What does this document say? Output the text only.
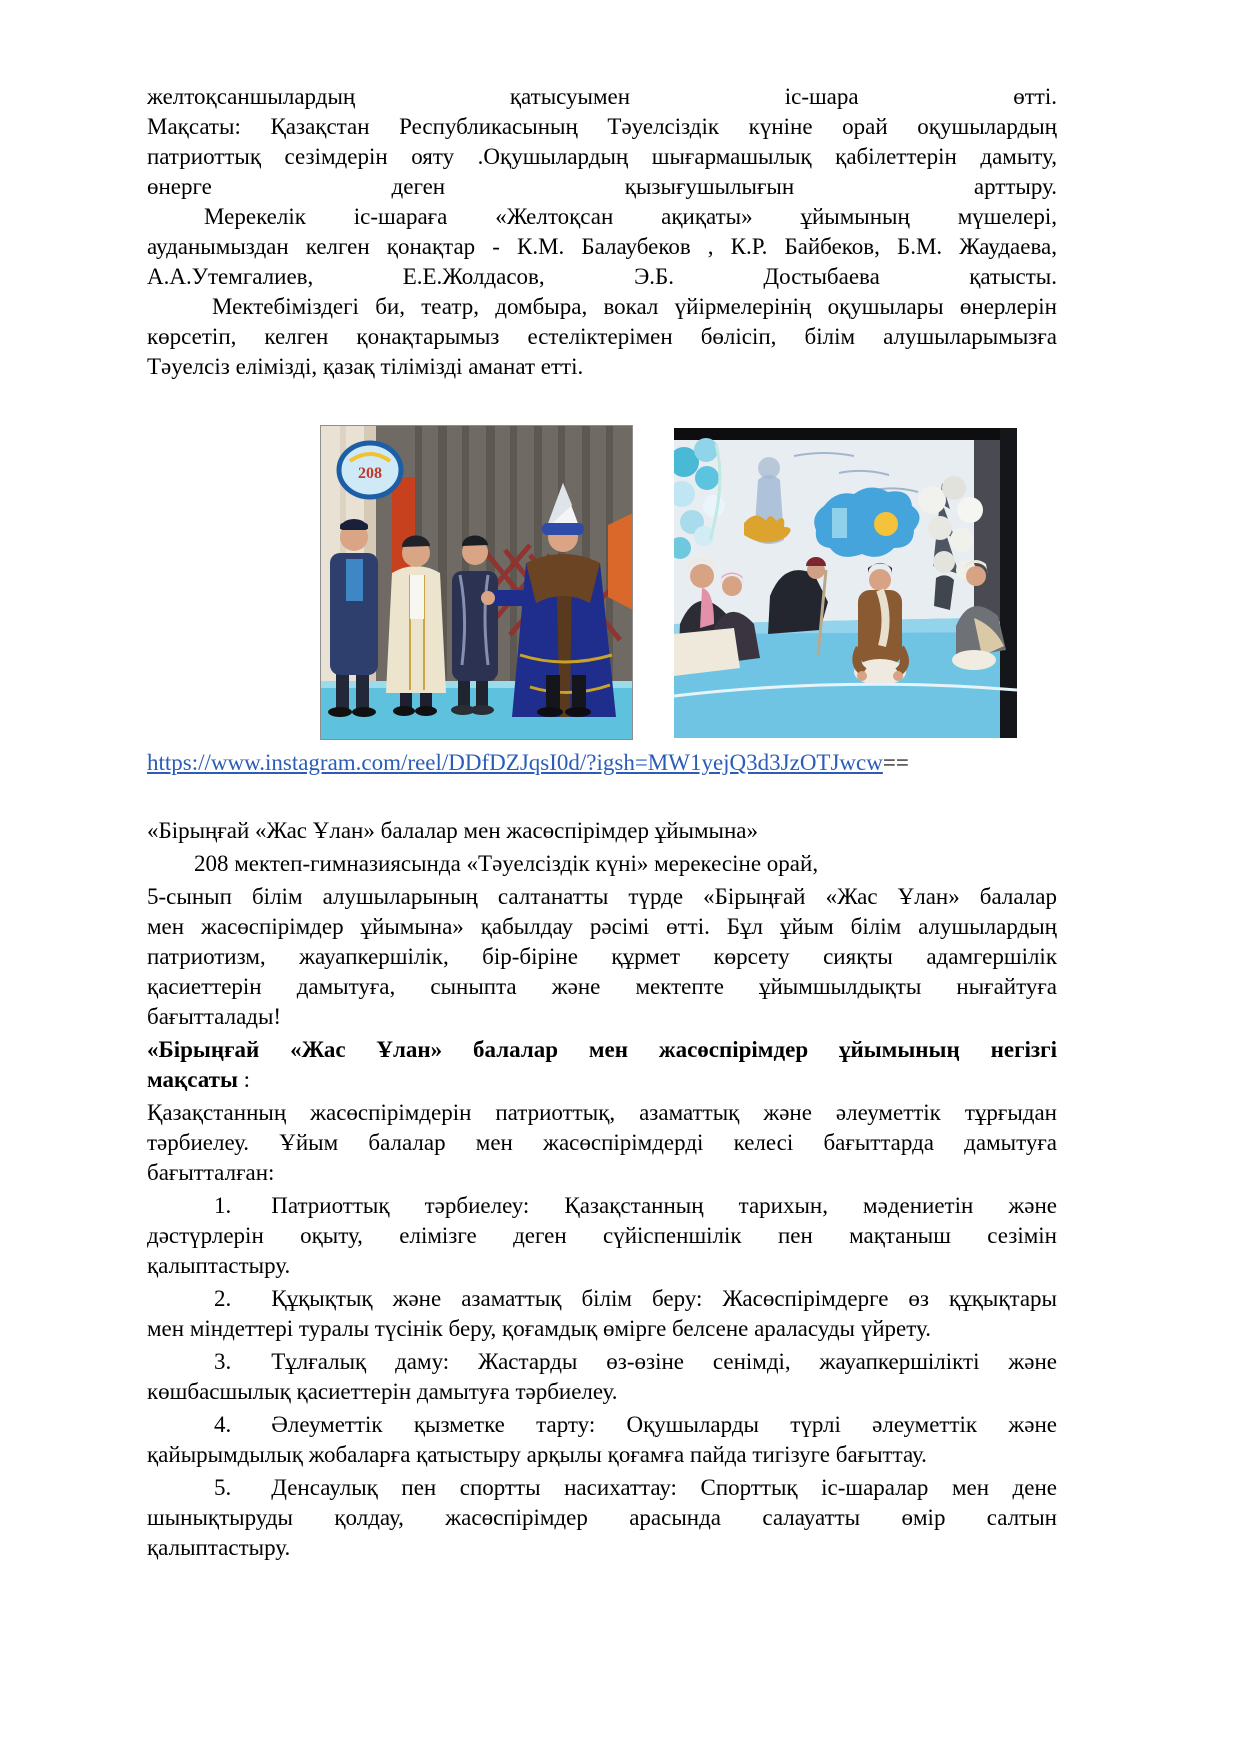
желтоқсаншылардың қатысуымен іс-шара өтті.
Мақсаты: Қазақстан Республикасының Тәуелсіздік күніне орай оқушылардың
патриоттық сезімдерін ояту .Оқушылардың шығармашылық қабілеттерін дамыту,
өнерге деген қызығушылығын арттыру.
Мерекелік іс-шараға «Желтоқсан ақиқаты» ұйымының мүшелері,
ауданымыздан келген қонақтар - К.М. Балаубеков , К.Р. Байбеков, Б.М. Жаудаева,
А.А.Утемгалиев, Е.Е.Жолдасов, Э.Б. Достыбаева қатысты.
Мектебіміздегі би, театр, домбыра, вокал үйірмелерінің оқушылары өнерлерін
көрсетіп, келген қонақтарымыз естеліктерімен бөлісіп, білім алушыларымызға
Тәуелсіз елімізді, қазақ тілімізді аманат етті.
208

https://www.instagram.com/reel/DDfDZJqsI0d/?igsh=MW1yejQ3d3JzOTJwcw==
«Бірыңғай «Жас Ұлан» балалар мен жасөспірімдер ұйымына»
208 мектеп-гимназиясында «Тәуелсіздік күні» мерекесіне орай,
5-сынып білім алушыларының салтанатты түрде «Бірыңғай «Жас Ұлан» балалар
мен жасөспірімдер ұйымына» қабылдау рәсімі өтті. Бұл ұйым білім алушылардың
патриотизм, жауапкершілік, бір-біріне құрмет көрсету сияқты адамгершілік
қасиеттерін дамытуға, сыныпта және мектепте ұйымшылдықты нығайтуға
бағытталады!
«Бірыңғай «Жас Ұлан» балалар мен жасөспірімдер ұйымының негізгі
мақсаты :
Қазақстанның жасөспірімдерін патриоттық, азаматтық және әлеуметтік тұрғыдан
тәрбиелеу. Ұйым балалар мен жасөспірімдерді келесі бағыттарда дамытуға
бағытталған:
1. Патриоттық тәрбиелеу: Қазақстанның тарихын, мәдениетін және
дәстүрлерін оқыту, елімізге деген сүйіспеншілік пен мақтаныш сезімін
қалыптастыру.
2. Құқықтық және азаматтық білім беру: Жасөспірімдерге өз құқықтары
мен міндеттері туралы түсінік беру, қоғамдық өмірге белсене араласуды үйрету.
3. Тұлғалық даму: Жастарды өз-өзіне сенімді, жауапкершілікті және
көшбасшылық қасиеттерін дамытуға тәрбиелеу.
4. Әлеуметтік қызметке тарту: Оқушыларды түрлі әлеуметтік және
қайырымдылық жобаларға қатыстыру арқылы қоғамға пайда тигізуге бағыттау.
5. Денсаулық пен спортты насихаттау: Спорттық іс-шаралар мен дене
шынықтыруды қолдау, жасөспірімдер арасында салауатты өмір салтын
қалыптастыру.
